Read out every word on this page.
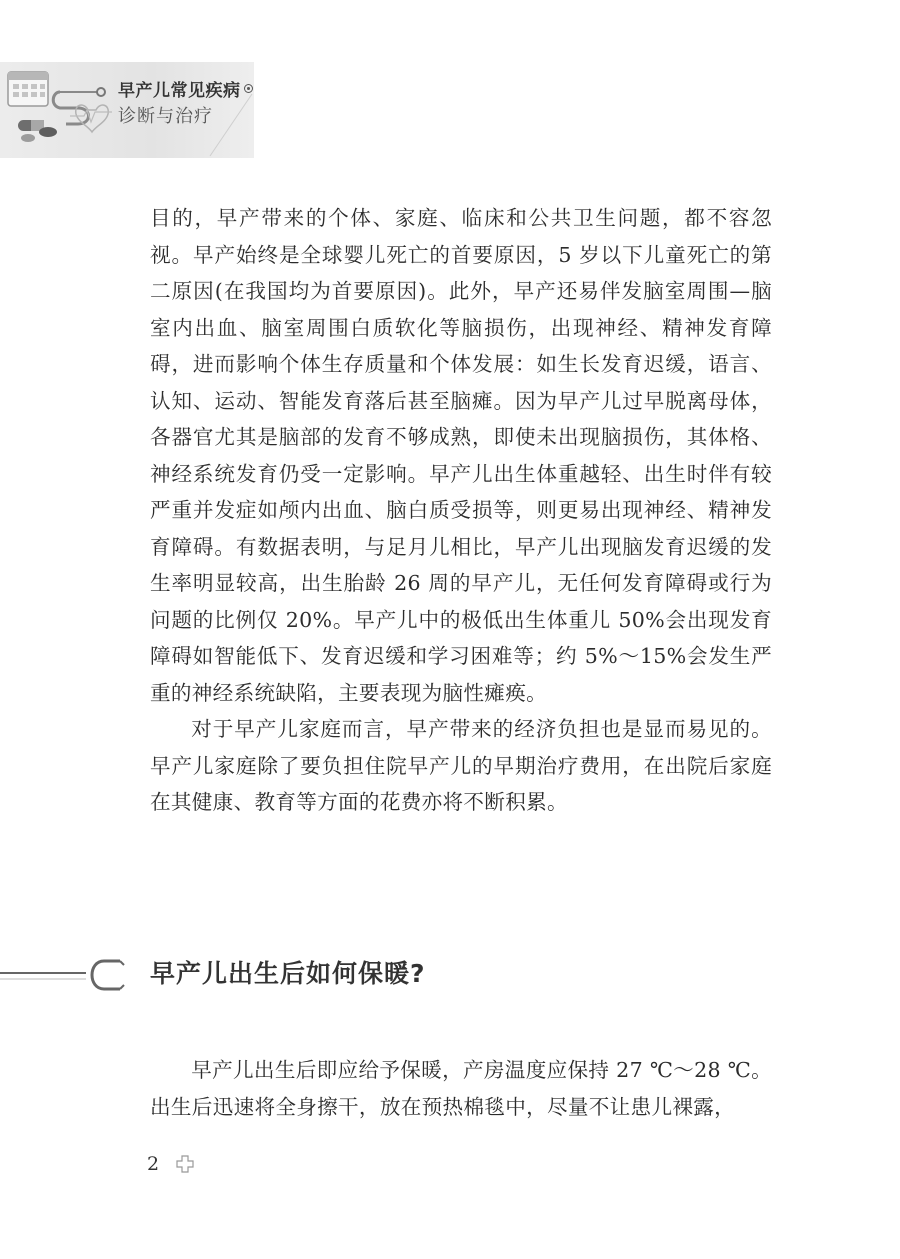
早产儿常见疾病
诊断与治疗

目的，早产带来的个体、家庭、临床和公共卫生问题，都不容忽视。早产始终是全球婴儿死亡的首要原因，5 岁以下儿童死亡的第二原因(在我国均为首要原因)。此外，早产还易伴发脑室周围—脑室内出血、脑室周围白质软化等脑损伤，出现神经、精神发育障碍，进而影响个体生存质量和个体发展：如生长发育迟缓，语言、认知、运动、智能发育落后甚至脑瘫。因为早产儿过早脱离母体，各器官尤其是脑部的发育不够成熟，即使未出现脑损伤，其体格、神经系统发育仍受一定影响。早产儿出生体重越轻、出生时伴有较严重并发症如颅内出血、脑白质受损等，则更易出现神经、精神发育障碍。有数据表明，与足月儿相比，早产儿出现脑发育迟缓的发生率明显较高，出生胎龄 26 周的早产儿，无任何发育障碍或行为问题的比例仅 20%。早产儿中的极低出生体重儿 50%会出现发育障碍如智能低下、发育迟缓和学习困难等；约 5%～15%会发生严重的神经系统缺陷，主要表现为脑性瘫痪。

对于早产儿家庭而言，早产带来的经济负担也是显而易见的。早产儿家庭除了要负担住院早产儿的早期治疗费用，在出院后家庭在其健康、教育等方面的花费亦将不断积累。

早产儿出生后如何保暖?

早产儿出生后即应给予保暖，产房温度应保持 27 ℃～28 ℃。出生后迅速将全身擦干，放在预热棉毯中，尽量不让患儿裸露，

2
